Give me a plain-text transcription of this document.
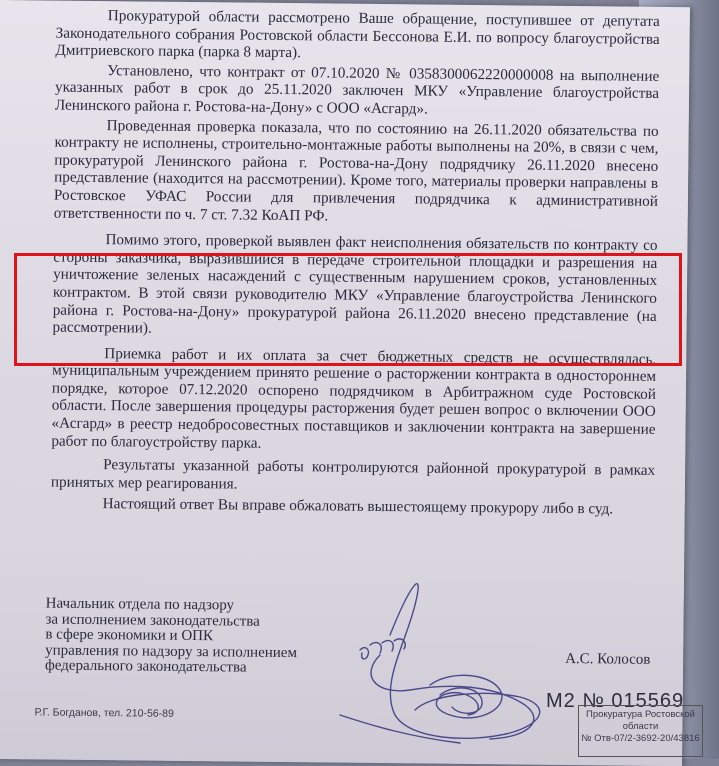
Прокуратурой области рассмотрено Ваше обращение, поступившее от депутата Законодательного собрания Ростовской области Бессонова Е.И. по вопросу благоустройства Дмитриевского парка (парка 8 марта).

Установлено, что контракт от 07.10.2020 № 0358300062220000008 на выполнение указанных работ в срок до 25.11.2020 заключен МКУ «Управление благоустройства Ленинского района г. Ростова-на-Дону» с ООО «Асгард».

Проведенная проверка показала, что по состоянию на 26.11.2020 обязательства по контракту не исполнены, строительно-монтажные работы выполнены на 20%, в связи с чем, прокуратурой Ленинского района г. Ростова-на-Дону подрядчику 26.11.2020 внесено представление (находится на рассмотрении). Кроме того, материалы проверки направлены в Ростовское УФАС России для привлечения подрядчика к административной ответственности по ч. 7 ст. 7.32 КоАП РФ.

Помимо этого, проверкой выявлен факт неисполнения обязательств по контракту со стороны заказчика, выразившийся в передаче строительной площадки и разрешения на уничтожение зеленых насаждений с существенным нарушением сроков, установленных контрактом. В этой связи руководителю МКУ «Управление благоустройства Ленинского района г. Ростова-на-Дону» прокуратурой района 26.11.2020 внесено представление (на рассмотрении).

Приемка работ и их оплата за счет бюджетных средств не осуществлялась, муниципальным учреждением принято решение о расторжении контракта в одностороннем порядке, которое 07.12.2020 оспорено подрядчиком в Арбитражном суде Ростовской области. После завершения процедуры расторжения будет решен вопрос о включении ООО «Асгард» в реестр недобросовестных поставщиков и заключении контракта на завершение работ по благоустройству парка.

Результаты указанной работы контролируются районной прокуратурой в рамках принятых мер реагирования.

Настоящий ответ Вы вправе обжаловать вышестоящему прокурору либо в суд.

Начальник отдела по надзору
за исполнением законодательства
в сфере экономики и ОПК
управления по надзору за исполнением
федерального законодательства	А.С. Колосов
Р.Г. Богданов, тел. 210-56-89
М2 № 015569
Прокуратура Ростовской
области
№ Отв-07/2-3692-20/43816
